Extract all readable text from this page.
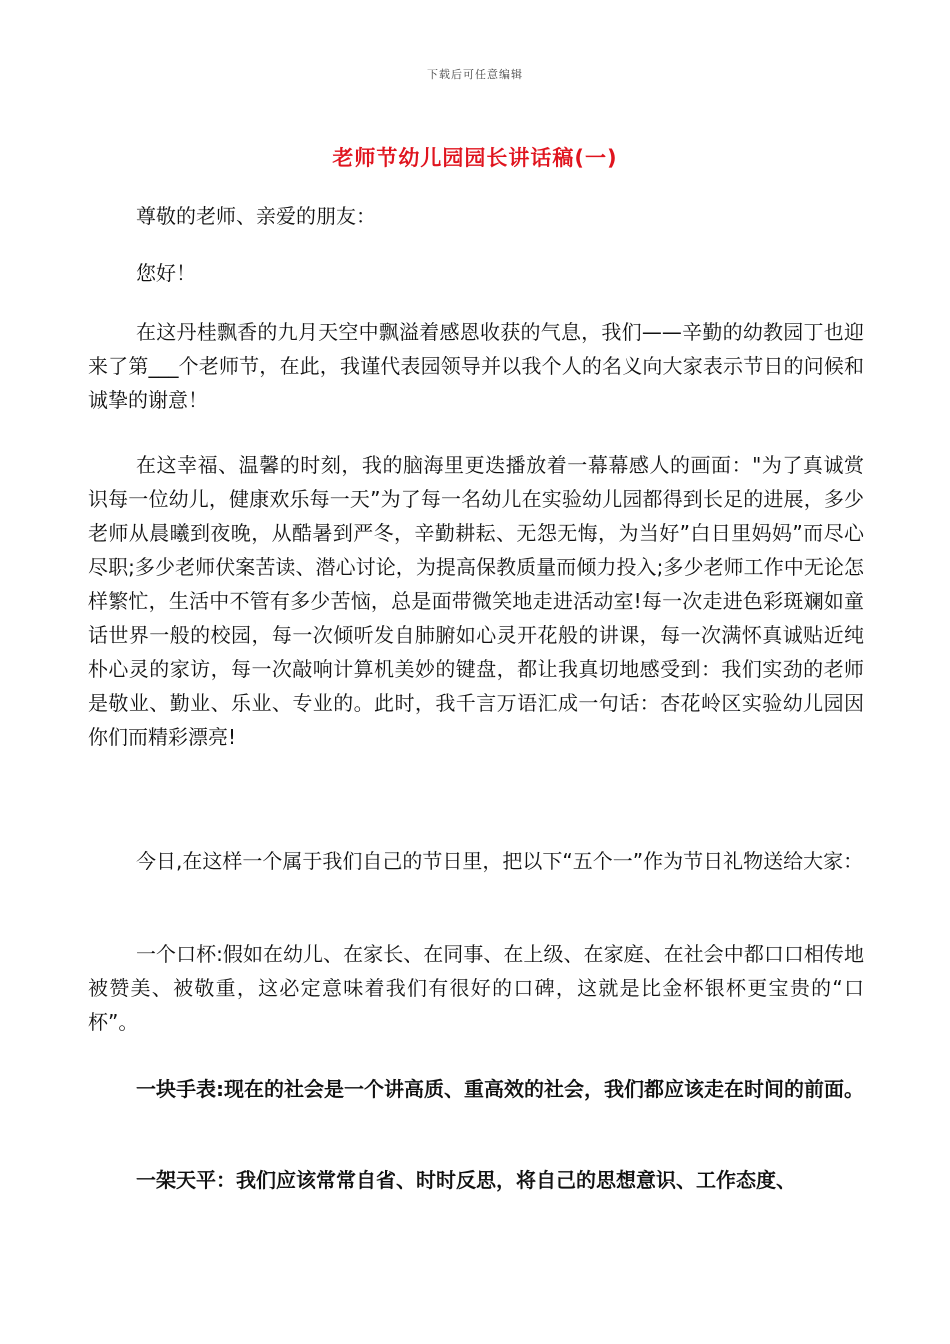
下载后可任意编辑
老师节幼儿园园长讲话稿(一)

尊敬的老师、亲爱的朋友：

您好！

在这丹桂飘香的九月天空中飘溢着感恩收获的气息，我们——辛勤的幼教园丁也迎来了第___个老师节，在此，我谨代表园领导并以我个人的名义向大家表示节日的问候和诚挚的谢意！

在这幸福、温馨的时刻，我的脑海里更迭播放着一幕幕感人的画面："为了真诚赏识每一位幼儿，健康欢乐每一天”为了每一名幼儿在实验幼儿园都得到长足的进展，多少老师从晨曦到夜晚，从酷暑到严冬，辛勤耕耘、无怨无悔，为当好”白日里妈妈”而尽心尽职;多少老师伏案苦读、潜心讨论，为提高保教质量而倾力投入;多少老师工作中无论怎样繁忙，生活中不管有多少苦恼，总是面带微笑地走进活动室!每一次走进色彩斑斓如童话世界一般的校园，每一次倾听发自肺腑如心灵开花般的讲课，每一次满怀真诚贴近纯朴心灵的家访，每一次敲响计算机美妙的键盘，都让我真切地感受到：我们实劲的老师是敬业、勤业、乐业、专业的。此时，我千言万语汇成一句话：杏花岭区实验幼儿园因你们而精彩漂亮!

今日,在这样一个属于我们自己的节日里，把以下“五个一”作为节日礼物送给大家：

一个口杯:假如在幼儿、在家长、在同事、在上级、在家庭、在社会中都口口相传地被赞美、被敬重，这必定意味着我们有很好的口碑，这就是比金杯银杯更宝贵的“口杯”。

一块手表:现在的社会是一个讲高质、重高效的社会，我们都应该走在时间的前面。

一架天平：我们应该常常自省、时时反思，将自己的思想意识、工作态度、
